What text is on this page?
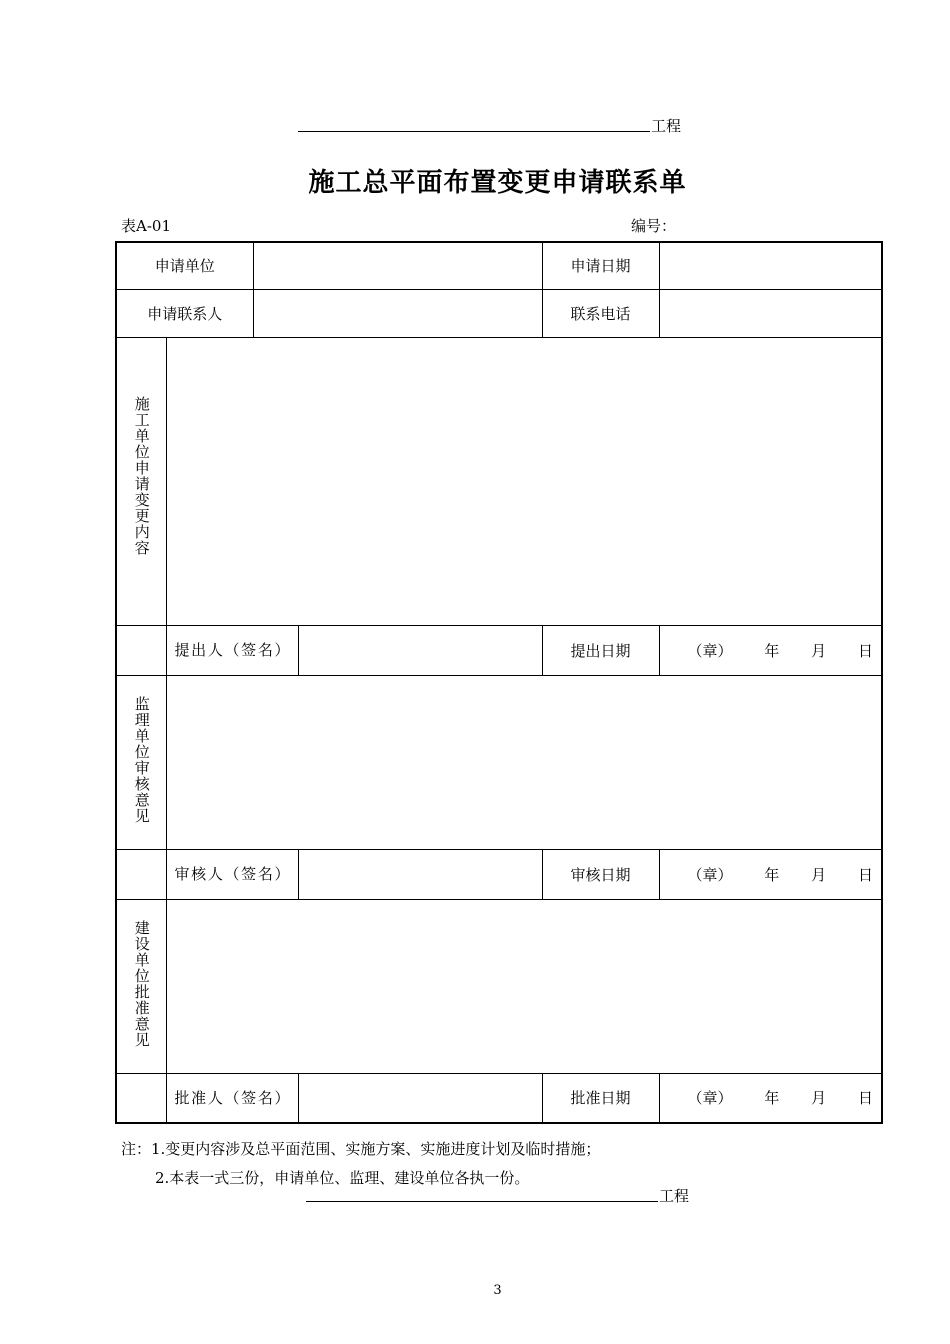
工程
施工总平面布置变更申请联系单
表A-01	编号：
申请单位				申请日期	
申请联系人				联系电话	

施工单位申请变更内容					

	提出人（签名）			提出日期	（章） 年 月 日

监理单位审核意见					

	审核人（签名）			审核日期	（章） 年 月 日

建设单位批准意见					

	批准人（签名）			批准日期	（章） 年 月 日
注：1.变更内容涉及总平面范围、实施方案、实施进度计划及临时措施；
2.本表一式三份，申请单位、监理、建设单位各执一份。
工程
3
